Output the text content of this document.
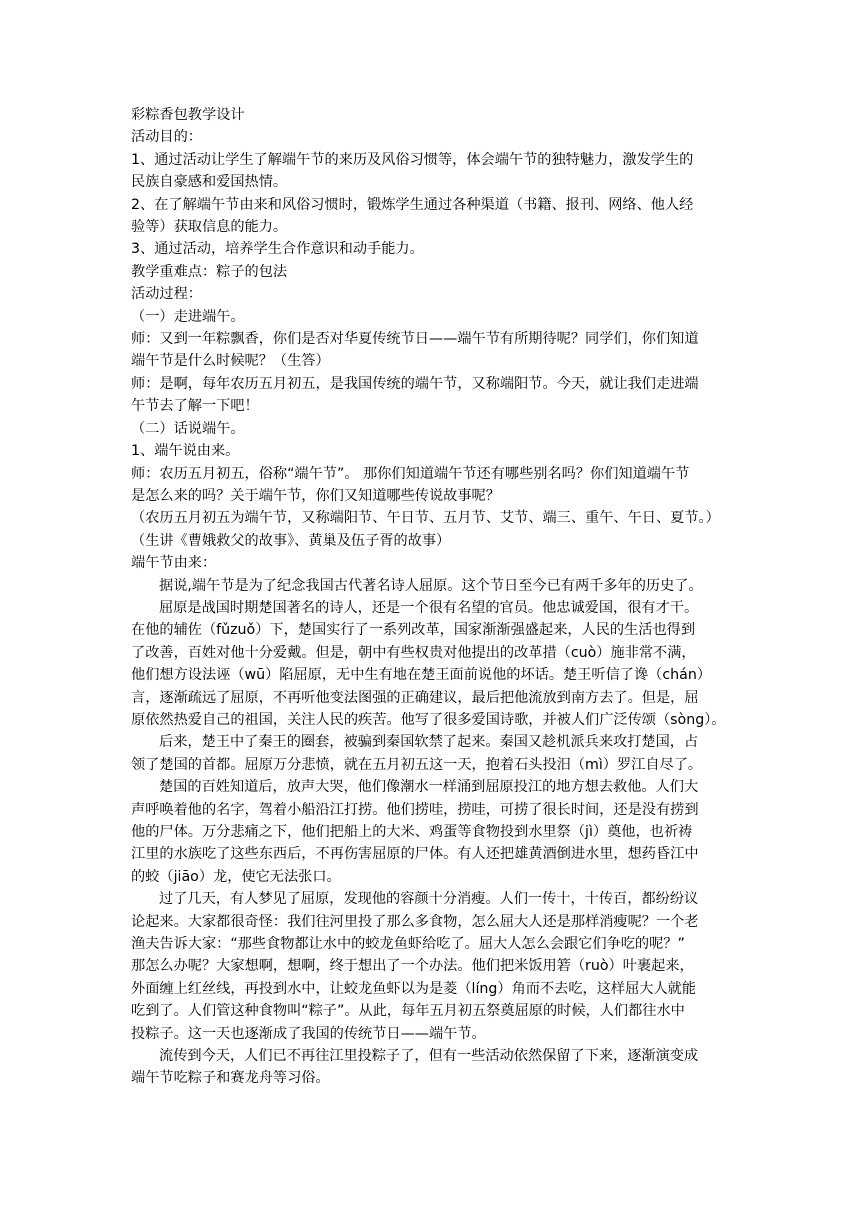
彩粽香包教学设计
活动目的：
1、通过活动让学生了解端午节的来历及风俗习惯等，体会端午节的独特魅力，激发学生的
民族自豪感和爱国热情。
2、在了解端午节由来和风俗习惯时，锻炼学生通过各种渠道（书籍、报刊、网络、他人经
验等）获取信息的能力。
3、通过活动，培养学生合作意识和动手能力。
教学重难点：粽子的包法
活动过程：
（一）走进端午。
师：又到一年粽飘香，你们是否对华夏传统节日——端午节有所期待呢？同学们，你们知道
端午节是什么时候呢？（生答）
师：是啊，每年农历五月初五，是我国传统的端午节，又称端阳节。今天，就让我们走进端
午节去了解一下吧！
（二）话说端午。
1、端午说由来。
师：农历五月初五，俗称“端午节”。 那你们知道端午节还有哪些别名吗？你们知道端午节
是怎么来的吗？关于端午节，你们又知道哪些传说故事呢？
（农历五月初五为端午节，又称端阳节、午日节、五月节、艾节、端三、重午、午日、夏节。）
（生讲《曹娥救父的故事》、黄巢及伍子胥的故事）
端午节由来：
据说,端午节是为了纪念我国古代著名诗人屈原。这个节日至今已有两千多年的历史了。
屈原是战国时期楚国著名的诗人，还是一个很有名望的官员。他忠诚爱国，很有才干。
在他的辅佐（fǔzuǒ）下，楚国实行了一系列改革，国家渐渐强盛起来，人民的生活也得到
了改善，百姓对他十分爱戴。但是，朝中有些权贵对他提出的改革措（cuò）施非常不满，
他们想方设法诬（wū）陷屈原，无中生有地在楚王面前说他的坏话。楚王听信了谗（chán）
言，逐渐疏远了屈原，不再听他变法图强的正确建议，最后把他流放到南方去了。但是，屈
原依然热爱自己的祖国，关注人民的疾苦。他写了很多爱国诗歌，并被人们广泛传颂（sòng）。
后来，楚王中了秦王的圈套，被骗到秦国软禁了起来。秦国又趁机派兵来攻打楚国，占
领了楚国的首都。屈原万分悲愤，就在五月初五这一天，抱着石头投汨（mì）罗江自尽了。
楚国的百姓知道后，放声大哭，他们像潮水一样涌到屈原投江的地方想去救他。人们大
声呼唤着他的名字，驾着小船沿江打捞。他们捞哇，捞哇，可捞了很长时间，还是没有捞到
他的尸体。万分悲痛之下，他们把船上的大米、鸡蛋等食物投到水里祭（jì）奠他，也祈祷
江里的水族吃了这些东西后，不再伤害屈原的尸体。有人还把雄黄酒倒进水里，想药昏江中
的蛟（jiāo）龙，使它无法张口。
过了几天，有人梦见了屈原，发现他的容颜十分消瘦。人们一传十，十传百，都纷纷议
论起来。大家都很奇怪：我们往河里投了那么多食物，怎么屈大人还是那样消瘦呢？一个老
渔夫告诉大家：“那些食物都让水中的蛟龙鱼虾给吃了。屈大人怎么会跟它们争吃的呢？”
那怎么办呢？大家想啊，想啊，终于想出了一个办法。他们把米饭用箬（ruò）叶裹起来，
外面缠上红丝线，再投到水中，让蛟龙鱼虾以为是菱（líng）角而不去吃，这样屈大人就能
吃到了。人们管这种食物叫“粽子”。从此，每年五月初五祭奠屈原的时候，人们都往水中
投粽子。这一天也逐渐成了我国的传统节日——端午节。
流传到今天，人们已不再往江里投粽子了，但有一些活动依然保留了下来，逐渐演变成
端午节吃粽子和赛龙舟等习俗。
